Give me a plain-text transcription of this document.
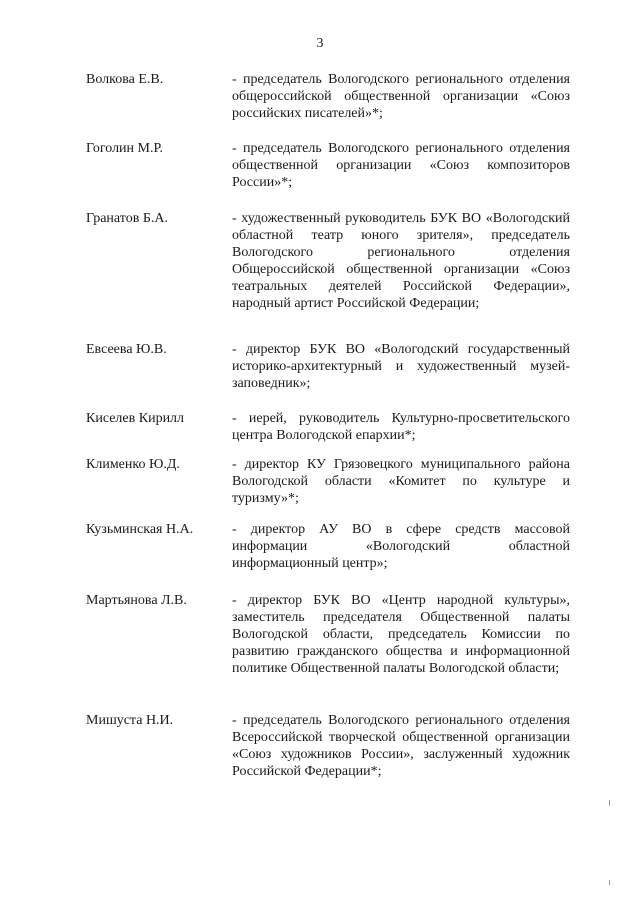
3
Волкова Е.В.	- председатель Вологодского регионального отделения общероссийской общественной организации «Союз российских писателей»*;
Гоголин М.Р.	- председатель Вологодского регионального отделения общественной организации «Союз композиторов России»*;
Гранатов Б.А.	- художественный руководитель БУК ВО «Вологодский областной театр юного зрителя», председатель Вологодского регионального отделения Общероссийской общественной организации «Союз театральных деятелей Российской Федерации», народный артист Российской Федерации;
Евсеева Ю.В.	- директор БУК ВО «Вологодский государственный историко-архитектурный и художественный музей-заповедник»;
Киселев Кирилл	- иерей, руководитель Культурно-просветительского центра Вологодской епархии*;
Клименко Ю.Д.	- директор КУ Грязовецкого муниципального района Вологодской области «Комитет по культуре и туризму»*;
Кузьминская Н.А.	- директор АУ ВО в сфере средств массовой информации «Вологодский областной информационный центр»;
Мартьянова Л.В.	- директор БУК ВО «Центр народной культуры», заместитель председателя Общественной палаты Вологодской области, председатель Комиссии по развитию гражданского общества и информационной политике Общественной палаты Вологодской области;
Мишуста Н.И.	- председатель Вологодского регионального отделения Всероссийской творческой общественной организации «Союз художников России», заслуженный художник Российской Федерации*;
